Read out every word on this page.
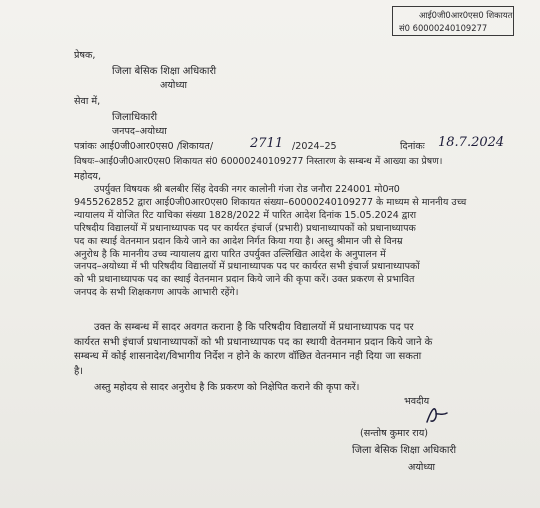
आई0जी0आर0एस0 शिकायत
सं0 60000240109277
प्रेषक,
जिला बेसिक शिक्षा अधिकारी
अयोध्या
सेवा में,
जिलाधिकारी
जनपद–अयोध्या
पत्रांकः आई0जी0आर0एस0 /शिकायत/	2711 /2024–25	दिनांकः 18.7.2024
विषयः–आई0जी0आर0एस0 शिकायत सं0 60000240109277 निस्तारण के सम्बन्ध में आख्या का प्रेषण।
महोदय,
उपर्युक्त विषयक श्री बलबीर सिंह देवकी नगर कालोनी गंजा रोड जनौरा 224001 मो0न0
9455262852 द्वारा आई0जी0आर0एस0 शिकायत संख्या–60000240109277 के माध्यम से माननीय उच्च
न्यायालय में योजित रिट याचिका संख्या 1828/2022 में पारित आदेश दिनांक 15.05.2024 द्वारा
परिषदीय विद्यालयों में प्रधानाध्यापक पद पर कार्यरत इंचार्ज (प्रभारी) प्रधानाध्यापकों को प्रधानाध्यापक
पद का स्थाई वेतनमान प्रदान किये जाने का आदेश निर्गत किया गया है। अस्तु श्रीमान जी से विनम्र
अनुरोध है कि माननीय उच्च न्यायालय द्वारा पारित उपर्युक्त उल्लिखित आदेश के अनुपालन में
जनपद–अयोध्या में भी परिषदीय विद्यालयों में प्रधानाध्यापक पद पर कार्यरत सभी इंचार्ज प्रधानाध्यापकों
को भी प्रधानाध्यापक पद का स्थाई वेतनमान प्रदान किये जाने की कृपा करें। उक्त प्रकरण से प्रभावित
जनपद के सभी शिक्षकगण आपके आभारी रहेंगे।
उक्त के सम्बन्ध में सादर अवगत कराना है कि परिषदीय विद्यालयों में प्रधानाध्यापक पद पर
कार्यरत सभी इंचार्ज प्रधानाध्यापकों को भी प्रधानाध्यापक पद का स्थायी वेतनमान प्रदान किये जाने के
सम्बन्ध में कोई शासनादेश/विभागीय निर्देश न होने के कारण वॉछित वेतनमान नही दिया जा सकता
है।
अस्तु महोदय से सादर अनुरोध है कि प्रकरण को निक्षेपित कराने की कृपा करें।
भवदीय
(सन्तोष कुमार राय)
जिला बेसिक शिक्षा अधिकारी
अयोध्या
